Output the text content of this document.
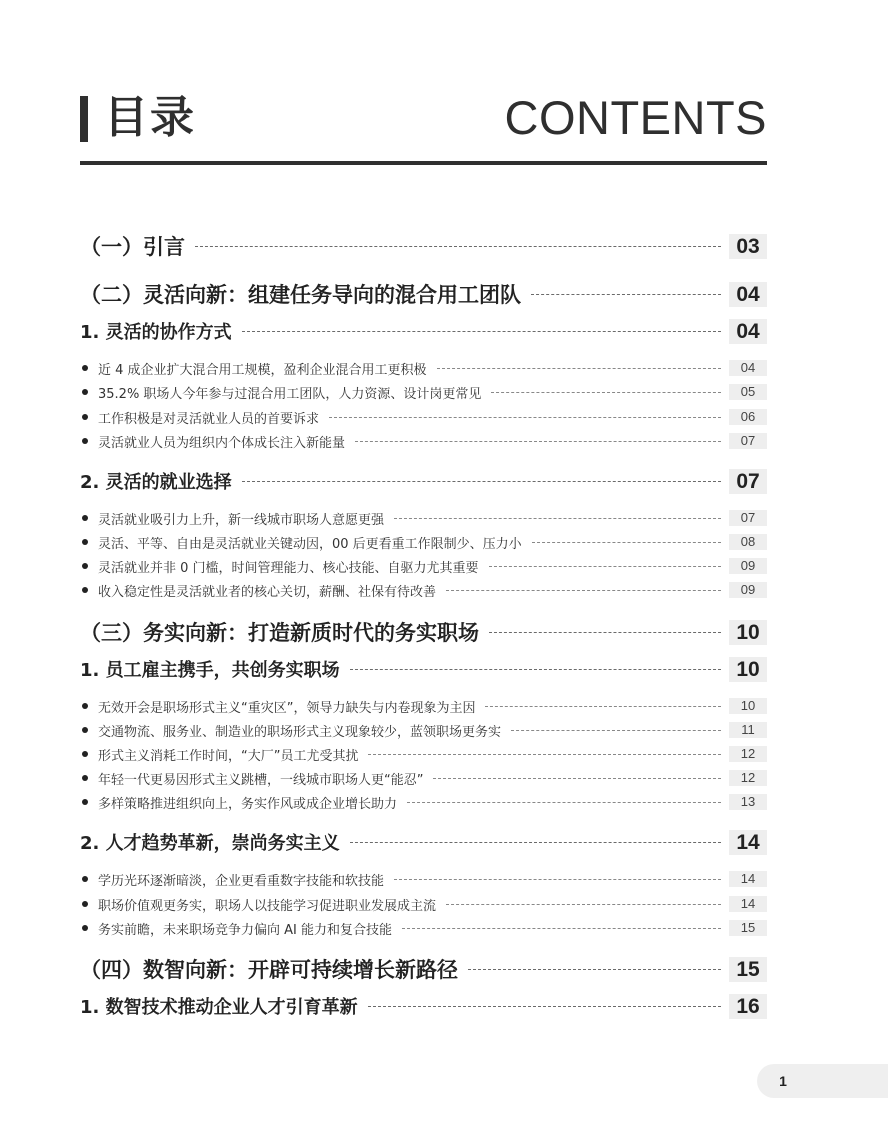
目录	CONTENTS
（一）引言	03
（二）灵活向新：组建任务导向的混合用工团队	04
1. 灵活的协作方式	04
近 4 成企业扩大混合用工规模，盈利企业混合用工更积极	04
35.2% 职场人今年参与过混合用工团队，人力资源、设计岗更常见	05
工作积极是对灵活就业人员的首要诉求	06
灵活就业人员为组织内个体成长注入新能量	07
2. 灵活的就业选择	07
灵活就业吸引力上升，新一线城市职场人意愿更强	07
灵活、平等、自由是灵活就业关键动因，00 后更看重工作限制少、压力小	08
灵活就业并非 0 门槛，时间管理能力、核心技能、自驱力尤其重要	09
收入稳定性是灵活就业者的核心关切，薪酬、社保有待改善	09
（三）务实向新：打造新质时代的务实职场	10
1. 员工雇主携手，共创务实职场	10
无效开会是职场形式主义“重灾区”，领导力缺失与内卷现象为主因	10
交通物流、服务业、制造业的职场形式主义现象较少，蓝领职场更务实	11
形式主义消耗工作时间，“大厂”员工尤受其扰	12
年轻一代更易因形式主义跳槽，一线城市职场人更“能忍”	12
多样策略推进组织向上，务实作风或成企业增长助力	13
2. 人才趋势革新，崇尚务实主义	14
学历光环逐渐暗淡，企业更看重数字技能和软技能	14
职场价值观更务实，职场人以技能学习促进职业发展成主流	14
务实前瞻，未来职场竞争力偏向 AI 能力和复合技能	15
（四）数智向新：开辟可持续增长新路径	15
1. 数智技术推动企业人才引育革新	16
1
